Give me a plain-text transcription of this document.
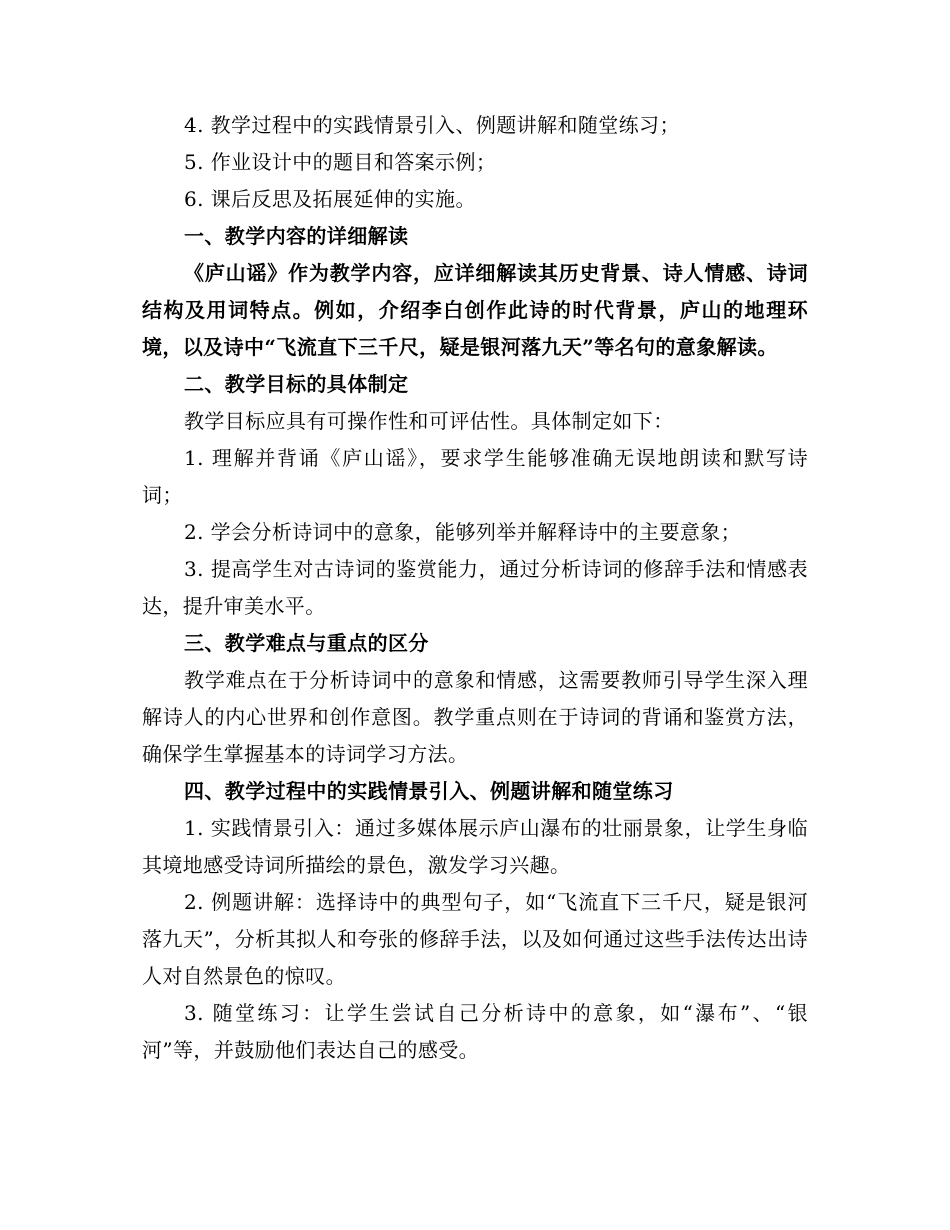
4. 教学过程中的实践情景引入、例题讲解和随堂练习；

5. 作业设计中的题目和答案示例；

6. 课后反思及拓展延伸的实施。

一、教学内容的详细解读

《庐山谣》作为教学内容，应详细解读其历史背景、诗人情感、诗词结构及用词特点。例如，介绍李白创作此诗的时代背景，庐山的地理环境，以及诗中“飞流直下三千尺，疑是银河落九天”等名句的意象解读。

二、教学目标的具体制定

教学目标应具有可操作性和可评估性。具体制定如下：

1. 理解并背诵《庐山谣》，要求学生能够准确无误地朗读和默写诗词；

2. 学会分析诗词中的意象，能够列举并解释诗中的主要意象；

3. 提高学生对古诗词的鉴赏能力，通过分析诗词的修辞手法和情感表达，提升审美水平。

三、教学难点与重点的区分

教学难点在于分析诗词中的意象和情感，这需要教师引导学生深入理解诗人的内心世界和创作意图。教学重点则在于诗词的背诵和鉴赏方法，确保学生掌握基本的诗词学习方法。

四、教学过程中的实践情景引入、例题讲解和随堂练习

1. 实践情景引入：通过多媒体展示庐山瀑布的壮丽景象，让学生身临其境地感受诗词所描绘的景色，激发学习兴趣。

2. 例题讲解：选择诗中的典型句子，如“飞流直下三千尺，疑是银河落九天”，分析其拟人和夸张的修辞手法，以及如何通过这些手法传达出诗人对自然景色的惊叹。

3. 随堂练习：让学生尝试自己分析诗中的意象，如“瀑布”、“银河”等，并鼓励他们表达自己的感受。
